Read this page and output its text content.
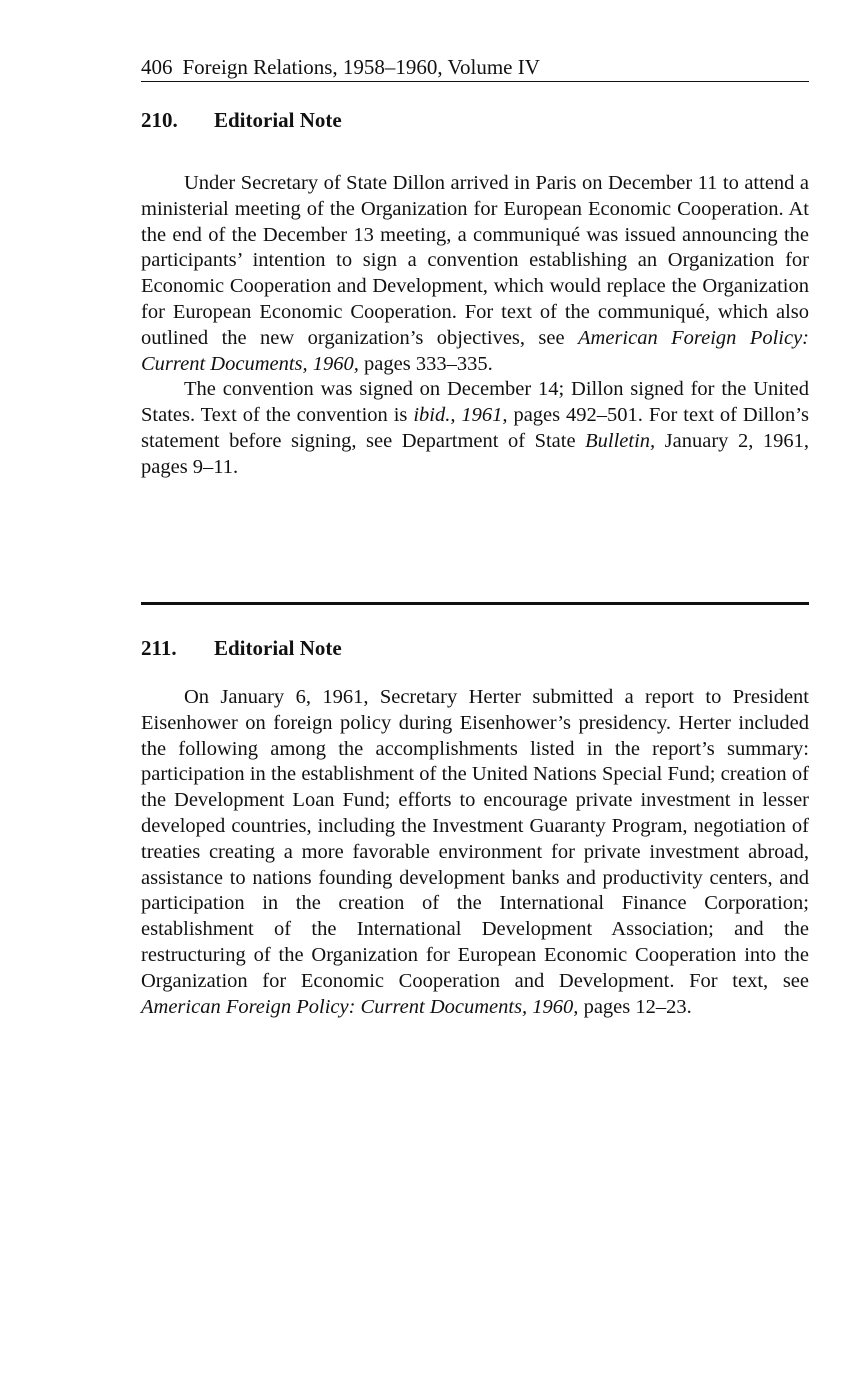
406 Foreign Relations, 1958–1960, Volume IV
210. Editorial Note

Under Secretary of State Dillon arrived in Paris on December 11 to attend a ministerial meeting of the Organization for European Economic Cooperation. At the end of the December 13 meeting, a communiqué was issued announcing the participants’ intention to sign a convention establishing an Organization for Economic Cooperation and Development, which would replace the Organization for European Economic Cooperation. For text of the communiqué, which also outlined the new organization’s objectives, see American Foreign Policy: Current Documents, 1960, pages 333–335.

The convention was signed on December 14; Dillon signed for the United States. Text of the convention is ibid., 1961, pages 492–501. For text of Dillon’s statement before signing, see Department of State Bulletin, January 2, 1961, pages 9–11.

211. Editorial Note

On January 6, 1961, Secretary Herter submitted a report to President Eisenhower on foreign policy during Eisenhower’s presidency. Herter included the following among the accomplishments listed in the report’s summary: participation in the establishment of the United Nations Special Fund; creation of the Development Loan Fund; efforts to encourage private investment in lesser developed countries, including the Investment Guaranty Program, negotiation of treaties creating a more favorable environment for private investment abroad, assistance to nations founding development banks and productivity centers, and participation in the creation of the International Finance Corporation; establishment of the International Development Association; and the restructuring of the Organization for European Economic Cooperation into the Organization for Economic Cooperation and Development. For text, see American Foreign Policy: Current Documents, 1960, pages 12–23.
